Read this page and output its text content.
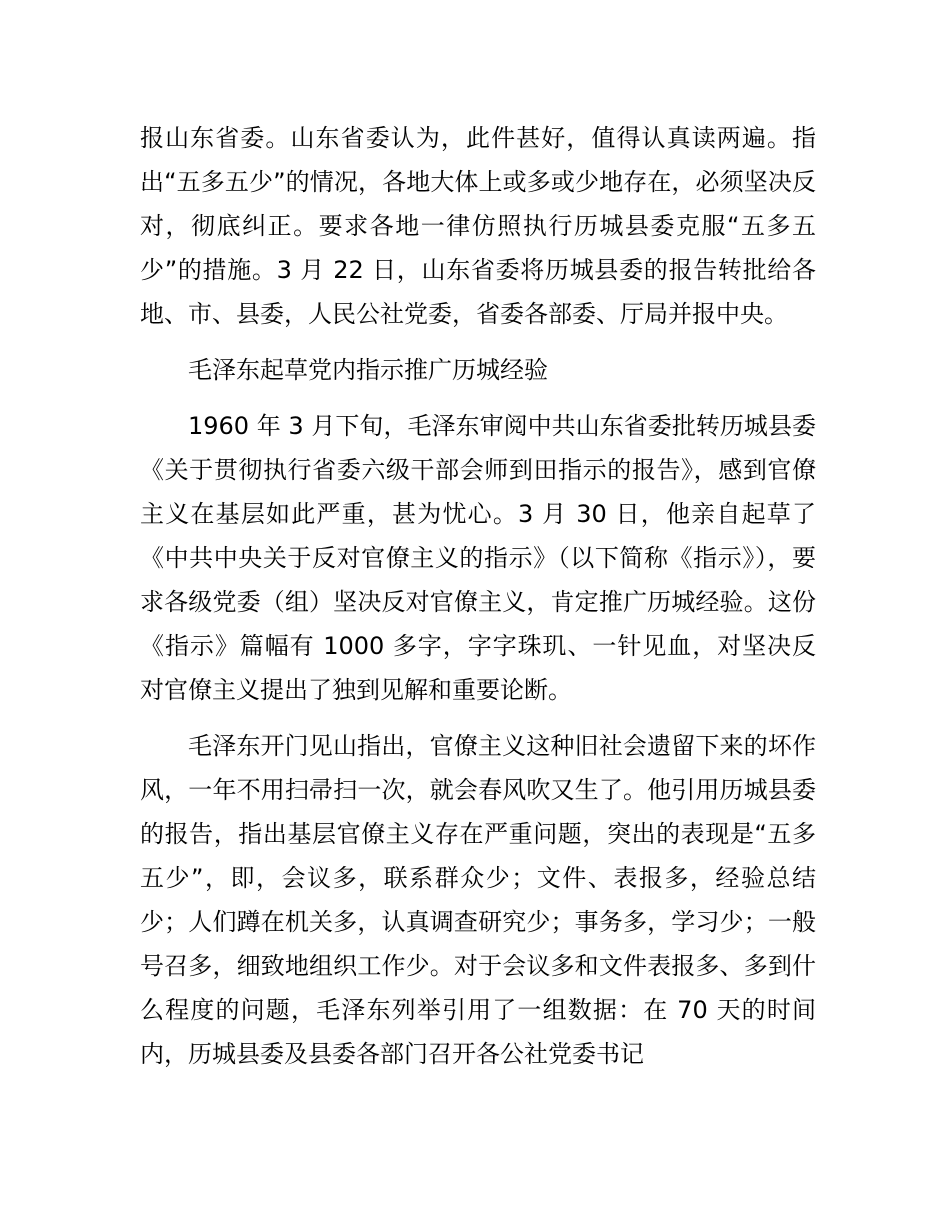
报山东省委。山东省委认为，此件甚好，值得认真读两遍。指出“五多五少”的情况，各地大体上或多或少地存在，必须坚决反对，彻底纠正。要求各地一律仿照执行历城县委克服“五多五少”的措施。3 月 22 日，山东省委将历城县委的报告转批给各地、市、县委，人民公社党委，省委各部委、厅局并报中央。

毛泽东起草党内指示推广历城经验

1960 年 3 月下旬，毛泽东审阅中共山东省委批转历城县委《关于贯彻执行省委六级干部会师到田指示的报告》，感到官僚主义在基层如此严重，甚为忧心。3 月 30 日，他亲自起草了《中共中央关于反对官僚主义的指示》（以下简称《指示》），要求各级党委（组）坚决反对官僚主义，肯定推广历城经验。这份《指示》篇幅有 1000 多字，字字珠玑、一针见血，对坚决反对官僚主义提出了独到见解和重要论断。

毛泽东开门见山指出，官僚主义这种旧社会遗留下来的坏作风，一年不用扫帚扫一次，就会春风吹又生了。他引用历城县委的报告，指出基层官僚主义存在严重问题，突出的表现是“五多五少”，即，会议多，联系群众少；文件、表报多，经验总结少；人们蹲在机关多，认真调查研究少；事务多，学习少；一般号召多，细致地组织工作少。对于会议多和文件表报多、多到什么程度的问题，毛泽东列举引用了一组数据：在 70 天的时间内，历城县委及县委各部门召开各公社党委书记
